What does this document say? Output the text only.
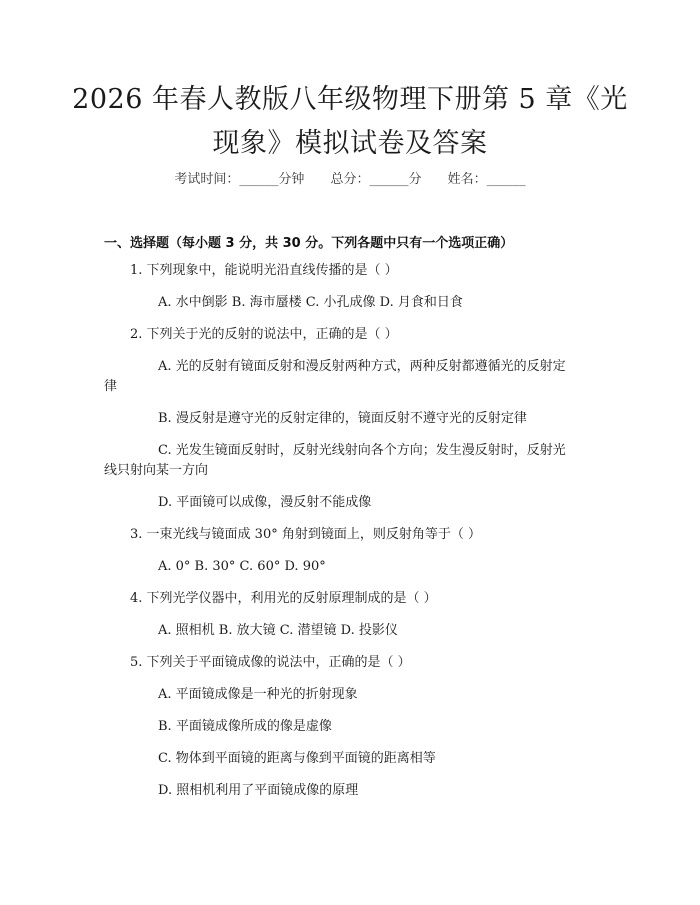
2026 年春人教版八年级物理下册第 5 章《光
现象》模拟试卷及答案
考试时间：______分钟 总分：______分 姓名：______
一、选择题（每小题 3 分，共 30 分。下列各题中只有一个选项正确）
1. 下列现象中，能说明光沿直线传播的是（ ）
A. 水中倒影 B. 海市蜃楼 C. 小孔成像 D. 月食和日食
2. 下列关于光的反射的说法中，正确的是（ ）
A. 光的反射有镜面反射和漫反射两种方式，两种反射都遵循光的反射定
律
B. 漫反射是遵守光的反射定律的，镜面反射不遵守光的反射定律
C. 光发生镜面反射时，反射光线射向各个方向；发生漫反射时，反射光
线只射向某一方向
D. 平面镜可以成像，漫反射不能成像
3. 一束光线与镜面成 30° 角射到镜面上，则反射角等于（ ）
A. 0° B. 30° C. 60° D. 90°
4. 下列光学仪器中，利用光的反射原理制成的是（ ）
A. 照相机 B. 放大镜 C. 潜望镜 D. 投影仪
5. 下列关于平面镜成像的说法中，正确的是（ ）
A. 平面镜成像是一种光的折射现象
B. 平面镜成像所成的像是虚像
C. 物体到平面镜的距离与像到平面镜的距离相等
D. 照相机利用了平面镜成像的原理
